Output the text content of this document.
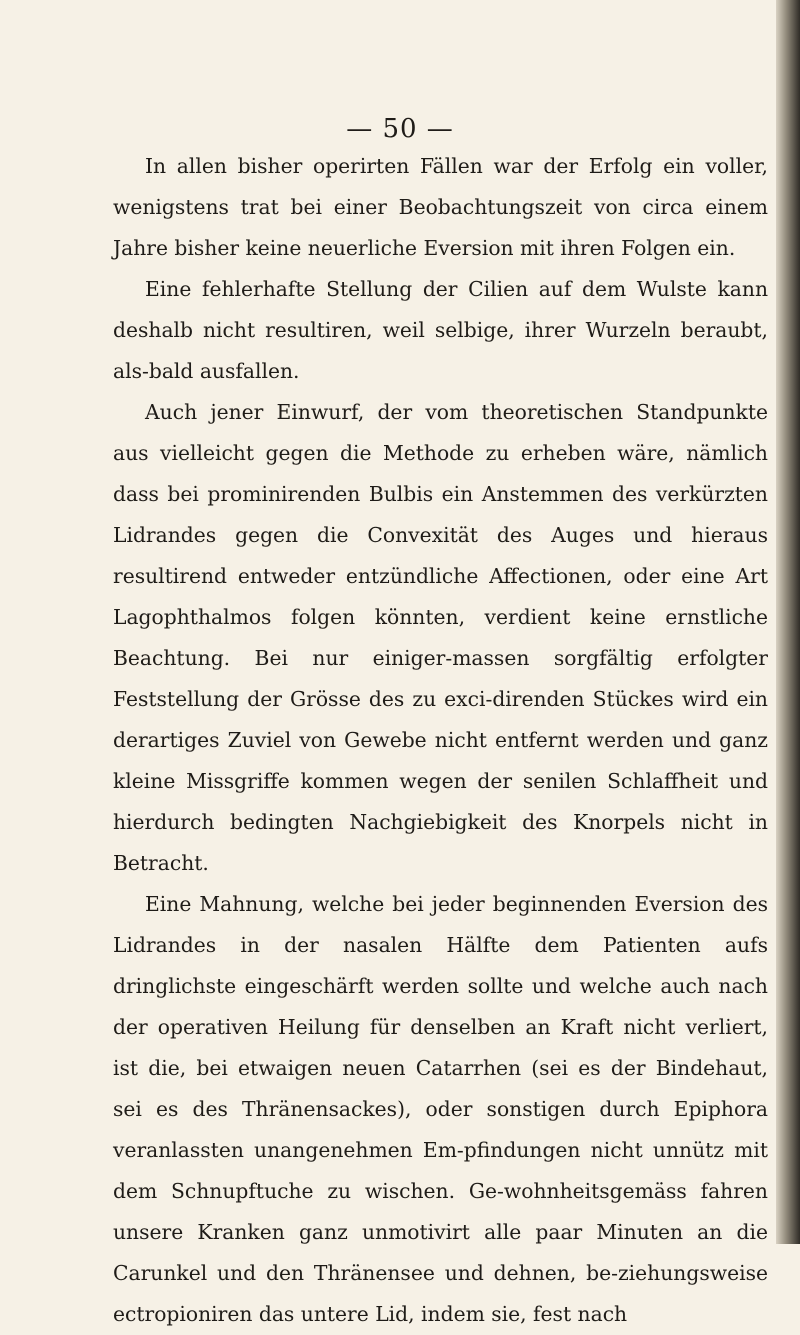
— 50 —

In allen bisher operirten Fällen war der Erfolg ein voller, wenigstens trat bei einer Beobachtungszeit von circa einem Jahre bisher keine neuerliche Eversion mit ihren Folgen ein.

Eine fehlerhafte Stellung der Cilien auf dem Wulste kann deshalb nicht resultiren, weil selbige, ihrer Wurzeln beraubt, als-bald ausfallen.

Auch jener Einwurf, der vom theoretischen Standpunkte aus vielleicht gegen die Methode zu erheben wäre, nämlich dass bei prominirenden Bulbis ein Anstemmen des verkürzten Lidrandes gegen die Convexität des Auges und hieraus resultirend entweder entzündliche Affectionen, oder eine Art Lagophthalmos folgen könnten, verdient keine ernstliche Beachtung. Bei nur einiger-massen sorgfältig erfolgter Feststellung der Grösse des zu exci-direnden Stückes wird ein derartiges Zuviel von Gewebe nicht entfernt werden und ganz kleine Missgriffe kommen wegen der senilen Schlaffheit und hierdurch bedingten Nachgiebigkeit des Knorpels nicht in Betracht.

Eine Mahnung, welche bei jeder beginnenden Eversion des Lidrandes in der nasalen Hälfte dem Patienten aufs dringlichste eingeschärft werden sollte und welche auch nach der operativen Heilung für denselben an Kraft nicht verliert, ist die, bei etwaigen neuen Catarrhen (sei es der Bindehaut, sei es des Thränensackes), oder sonstigen durch Epiphora veranlassten unangenehmen Em-pfindungen nicht unnütz mit dem Schnupftuche zu wischen. Ge-wohnheitsgemäss fahren unsere Kranken ganz unmotivirt alle paar Minuten an die Carunkel und den Thränensee und dehnen, be-ziehungsweise ectropioniren das untere Lid, indem sie, fest nach
